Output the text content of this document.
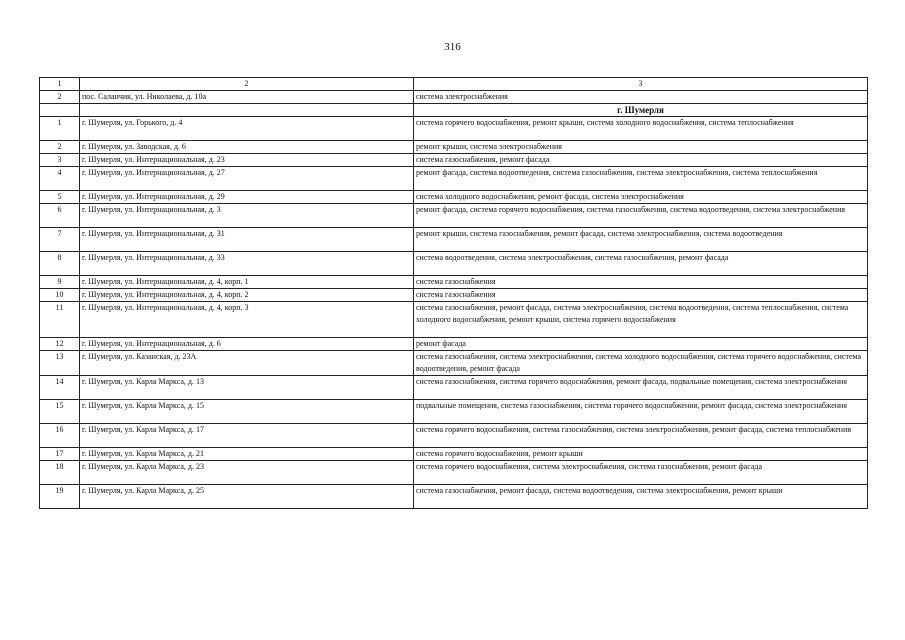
316
1	2	3
2	пос. Саланчик, ул. Николаева, д. 10а	система электроснабжения
		г. Шумерля
1	г. Шумерля, ул. Горького, д. 4	система горячего водоснабжения, ремонт крыши, система холодного водоснабжения, система теплоснабжения
2	г. Шумерля, ул. Заводская, д. 6	ремонт крыши, система электроснабжения
3	г. Шумерля, ул. Интернациональная, д. 23	система газоснабжения, ремонт фасада
4	г. Шумерля, ул. Интернациональная, д. 27	ремонт фасада, система водоотведения, система газоснабжения, система электроснабжения, система теплоснабжения
5	г. Шумерля, ул. Интернациональная, д. 29	система холодного водоснабжения, ремонт фасада, система электроснабжения
6	г. Шумерля, ул. Интернациональная, д. 3	ремонт фасада, система горячего водоснабжения, система газоснабжения, система водоотведения, система электроснабжения
7	г. Шумерля, ул. Интернациональная, д. 31	ремонт крыши, система газоснабжения, ремонт фасада, система электроснабжения, система водоотведения
8	г. Шумерля, ул. Интернациональная, д. 33	система водоотведения, система электроснабжения, система газоснабжения, ремонт фасада
9	г. Шумерля, ул. Интернациональная, д. 4, корп. 1	система газоснабжения
10	г. Шумерля, ул. Интернациональная, д. 4, корп. 2	система газоснабжения
11	г. Шумерля, ул. Интернациональная, д. 4, корп. 3	система газоснабжения, ремонт фасада, система электроснабжения, система водоотведения, система теплоснабжения, система холодного водоснабжения, ремонт крыши, система горячего водоснабжения
12	г. Шумерля, ул. Интернациональная, д. 6	ремонт фасада
13	г. Шумерля, ул. Казанская, д. 23А	система газоснабжения, система электроснабжения, система холодного водоснабжения, система горячего водоснабжения, система водоотведения, ремонт фасада
14	г. Шумерля, ул. Карла Маркса, д. 13	система газоснабжения, система горячего водоснабжения, ремонт фасада, подвальные помещения, система электроснабжения
15	г. Шумерля, ул. Карла Маркса, д. 15	подвальные помещения, система газоснабжения, система горячего водоснабжения, ремонт фасада, система электроснабжения
16	г. Шумерля, ул. Карла Маркса, д. 17	система горячего водоснабжения, система газоснабжения, система электроснабжения, ремонт фасада, система теплоснабжения
17	г. Шумерля, ул. Карла Маркса, д. 21	система горячего водоснабжения, ремонт крыши
18	г. Шумерля, ул. Карла Маркса, д. 23	система горячего водоснабжения, система электроснабжения, система газоснабжения, ремонт фасада
19	г. Шумерля, ул. Карла Маркса, д. 25	система газоснабжения, ремонт фасада, система водоотведения, система электроснабжения, ремонт крыши
